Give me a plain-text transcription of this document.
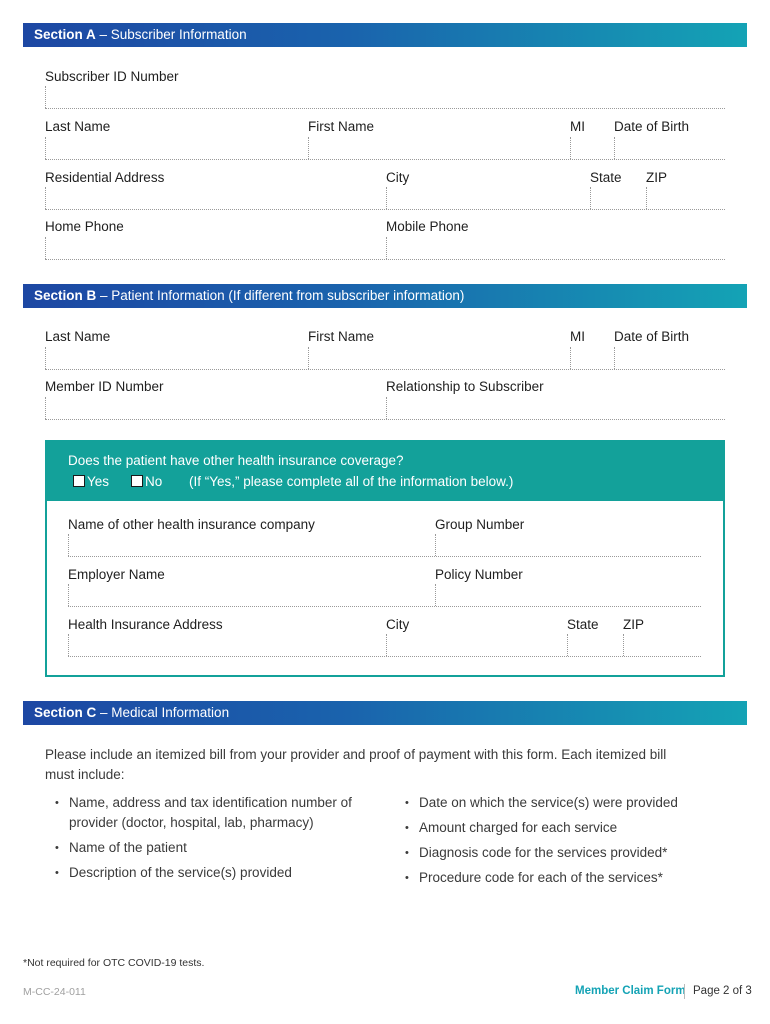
Section A – Subscriber Information
Subscriber ID Number
Last Name	First Name	MI Date of Birth
Residential Address	City	State ZIP
Home Phone	Mobile Phone
Section B – Patient Information (If different from subscriber information)
Last Name	First Name	MI Date of Birth
Member ID Number	Relationship to Subscriber
Does the patient have other health insurance coverage?
Yes	No (If “Yes,” please complete all of the information below.)
Name of other health insurance company	Group Number
Employer Name	Policy Number
Health Insurance Address	City	State ZIP
Section C – Medical Information
Please include an itemized bill from your provider and proof of payment with this form. Each itemized bill must include:
• Name, address and tax identification number of provider (doctor, hospital, lab, pharmacy)
• Name of the patient
• Description of the service(s) provided
• Date on which the service(s) were provided
• Amount charged for each service
• Diagnosis code for the services provided*
• Procedure code for each of the services*
*Not required for OTC COVID-19 tests.
M-CC-24-011	Member Claim Form Page 2 of 3
